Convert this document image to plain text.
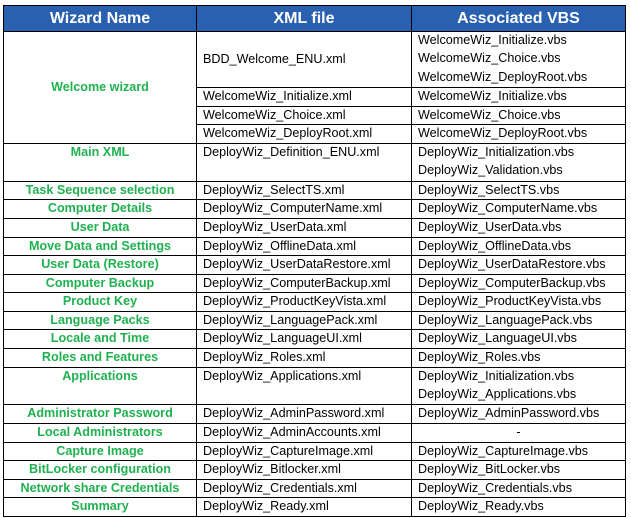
Wizard Name	XML file	Associated VBS
Welcome wizard	BDD_Welcome_ENU.xml	WelcomeWiz_Initialize.vbs
WelcomeWiz_Choice.vbs
WelcomeWiz_DeployRoot.vbs

	WelcomeWiz_Initialize.xml	WelcomeWiz_Initialize.vbs
	WelcomeWiz_Choice.xml	WelcomeWiz_Choice.vbs
	WelcomeWiz_DeployRoot.xml	WelcomeWiz_DeployRoot.vbs
Main XML	DeployWiz_Definition_ENU.xml	DeployWiz_Initialization.vbs
DeployWiz_Validation.vbs

Task Sequence selection	DeployWiz_SelectTS.xml	DeployWiz_SelectTS.vbs
Computer Details	DeployWiz_ComputerName.xml	DeployWiz_ComputerName.vbs
User Data	DeployWiz_UserData.xml	DeployWiz_UserData.vbs
Move Data and Settings	DeployWiz_OfflineData.xml	DeployWiz_OfflineData.vbs
User Data (Restore)	DeployWiz_UserDataRestore.xml	DeployWiz_UserDataRestore.vbs
Computer Backup	DeployWiz_ComputerBackup.xml	DeployWiz_ComputerBackup.vbs
Product Key	DeployWiz_ProductKeyVista.xml	DeployWiz_ProductKeyVista.vbs
Language Packs	DeployWiz_LanguagePack.xml	DeployWiz_LanguagePack.vbs
Locale and Time	DeployWiz_LanguageUI.xml	DeployWiz_LanguageUI.vbs
Roles and Features	DeployWiz_Roles.xml	DeployWiz_Roles.vbs
Applications	DeployWiz_Applications.xml	DeployWiz_Initialization.vbs
DeployWiz_Applications.vbs

Administrator Password	DeployWiz_AdminPassword.xml	DeployWiz_AdminPassword.vbs
Local Administrators	DeployWiz_AdminAccounts.xml	-
Capture Image	DeployWiz_CaptureImage.xml	DeployWiz_CaptureImage.vbs
BitLocker configuration	DeployWiz_Bitlocker.xml	DeployWiz_BitLocker.vbs
Network share Credentials	DeployWiz_Credentials.xml	DeployWiz_Credentials.vbs
Summary	DeployWiz_Ready.xml	DeployWiz_Ready.vbs
